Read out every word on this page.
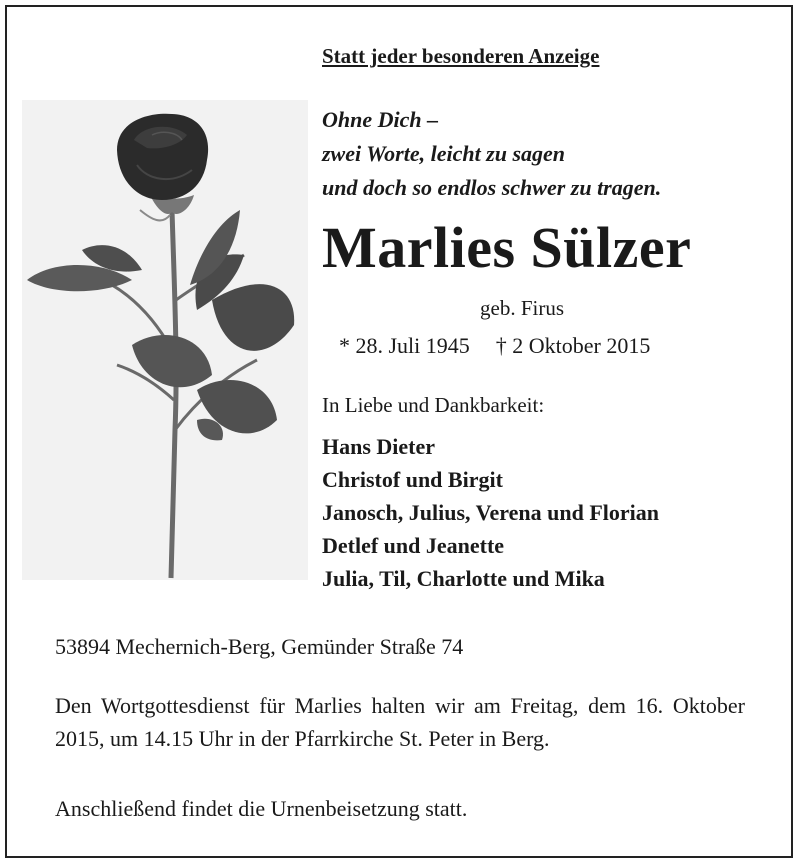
Statt jeder besonderen Anzeige
Ohne Dich –
zwei Worte, leicht zu sagen
und doch so endlos schwer zu tragen.
Marlies Sülzer
geb. Firus
* 28. Juli 1945 † 2 Oktober 2015
In Liebe und Dankbarkeit:
Hans Dieter
Christof und Birgit
Janosch, Julius, Verena und Florian
Detlef und Jeanette
Julia, Til, Charlotte und Mika
53894 Mechernich-Berg, Gemünder Straße 74
Den Wortgottesdienst für Marlies halten wir am Freitag, dem 16. Oktober 2015, um 14.15 Uhr in der Pfarrkirche St. Peter in Berg.
Anschließend findet die Urnenbeisetzung statt.
